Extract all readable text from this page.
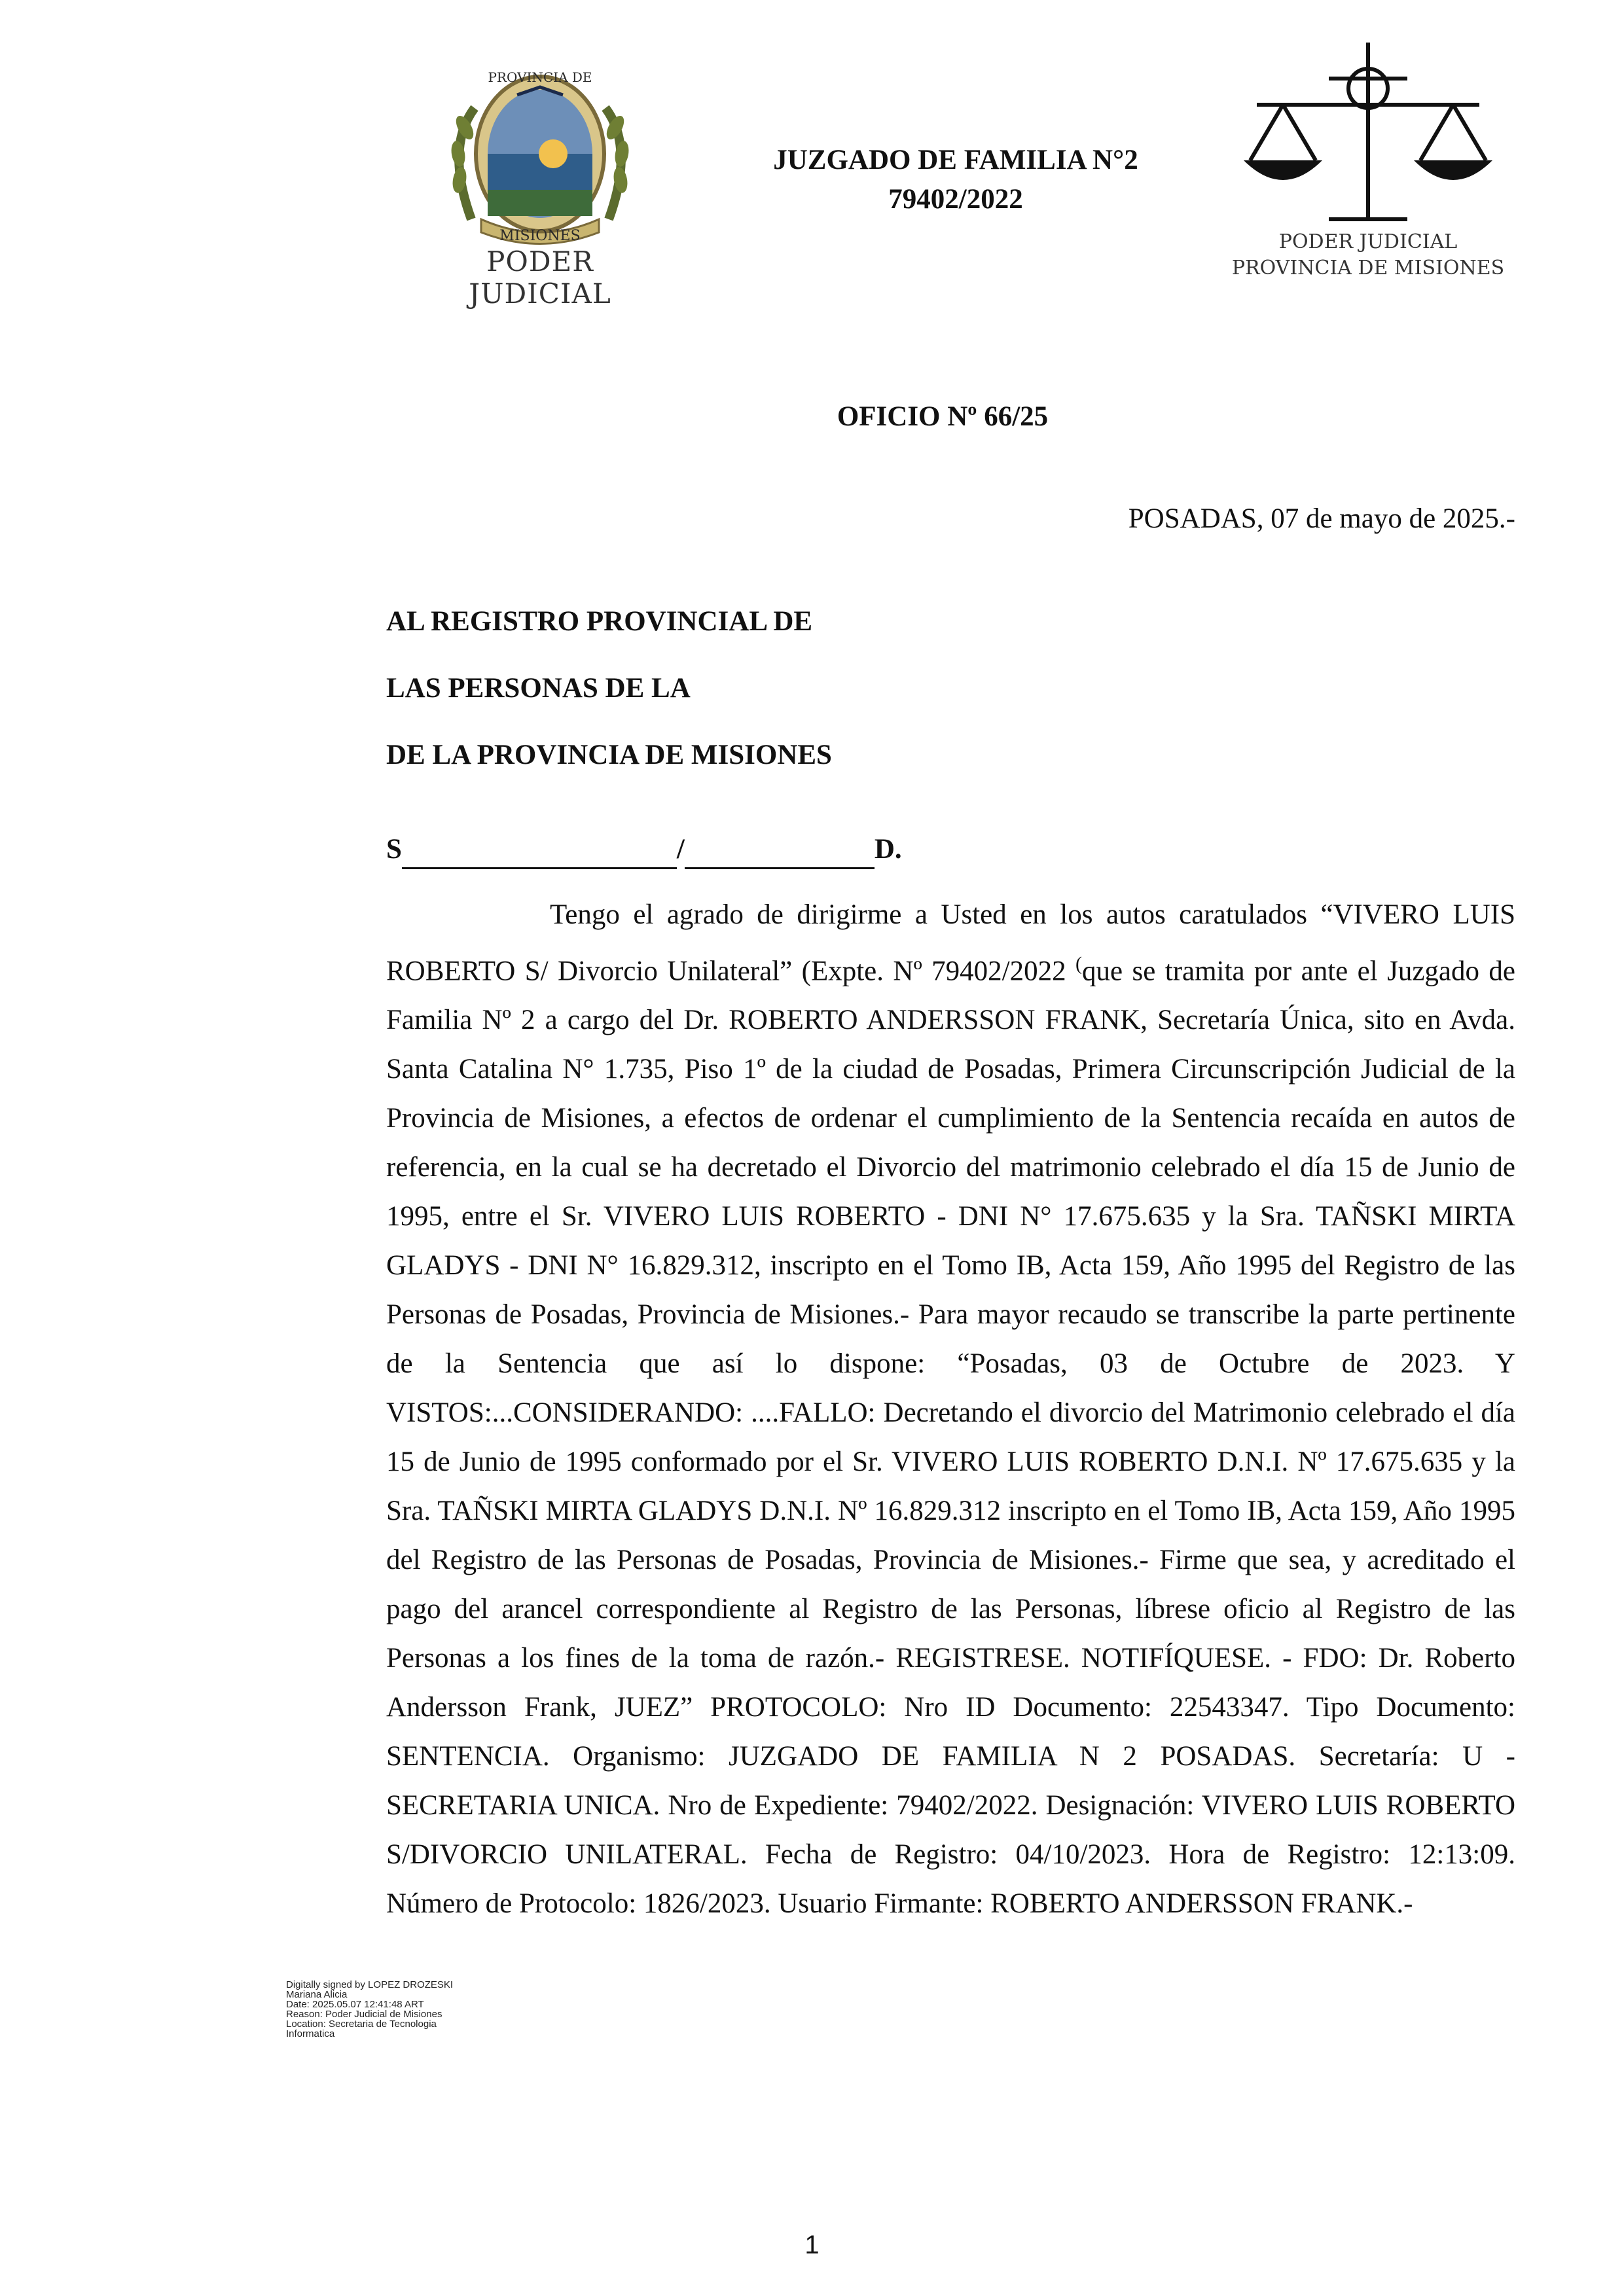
MISIONES
PROVINCIA DE
PODER JUDICIAL
JUZGADO DE FAMILIA N°2
79402/2022
PODER JUDICIAL
PROVINCIA DE MISIONES
OFICIO Nº 66/25
POSADAS, 07 de mayo de 2025.-
AL REGISTRO PROVINCIAL DE
LAS PERSONAS DE LA
DE LA PROVINCIA DE MISIONES
S	/	D.
Tengo el agrado de dirigirme a Usted en los autos caratulados “VIVERO LUIS ROBERTO S/ Divorcio Unilateral” (Expte. Nº 79402/2022 (que se tramita por ante el Juzgado de Familia Nº 2 a cargo del Dr. ROBERTO ANDERSSON FRANK, Secretaría Única, sito en Avda. Santa Catalina N° 1.735, Piso 1º de la ciudad de Posadas, Primera Circunscripción Judicial de la Provincia de Misiones, a efectos de ordenar el cumplimiento de la Sentencia recaída en autos de referencia, en la cual se ha decretado el Divorcio del matrimonio celebrado el día 15 de Junio de 1995, entre el Sr. VIVERO LUIS ROBERTO - DNI N° 17.675.635 y la Sra. TAÑSKI MIRTA GLADYS - DNI N° 16.829.312, inscripto en el Tomo IB, Acta 159, Año 1995 del Registro de las Personas de Posadas, Provincia de Misiones.- Para mayor recaudo se transcribe la parte pertinente de la Sentencia que así lo dispone: “Posadas, 03 de Octubre de 2023. Y VISTOS:...CONSIDERANDO: ....FALLO: Decretando el divorcio del Matrimonio celebrado el día 15 de Junio de 1995 conformado por el Sr. VIVERO LUIS ROBERTO D.N.I. Nº 17.675.635 y la Sra. TAÑSKI MIRTA GLADYS D.N.I. Nº 16.829.312 inscripto en el Tomo IB, Acta 159, Año 1995 del Registro de las Personas de Posadas, Provincia de Misiones.- Firme que sea, y acreditado el pago del arancel correspondiente al Registro de las Personas, líbrese oficio al Registro de las Personas a los fines de la toma de razón.- REGISTRESE. NOTIFÍQUESE. - FDO: Dr. Roberto Andersson Frank, JUEZ” PROTOCOLO: Nro ID Documento: 22543347. Tipo Documento: SENTENCIA. Organismo: JUZGADO DE FAMILIA N 2 POSADAS. Secretaría: U - SECRETARIA UNICA. Nro de Expediente: 79402/2022. Designación: VIVERO LUIS ROBERTO S/DIVORCIO UNILATERAL. Fecha de Registro: 04/10/2023. Hora de Registro: 12:13:09. Número de Protocolo: 1826/2023. Usuario Firmante: ROBERTO ANDERSSON FRANK.-
Digitally signed by LOPEZ DROZESKI
Mariana Alicia
Date: 2025.05.07 12:41:48 ART
Reason: Poder Judicial de Misiones
Location: Secretaria de Tecnologia
Informatica
1
